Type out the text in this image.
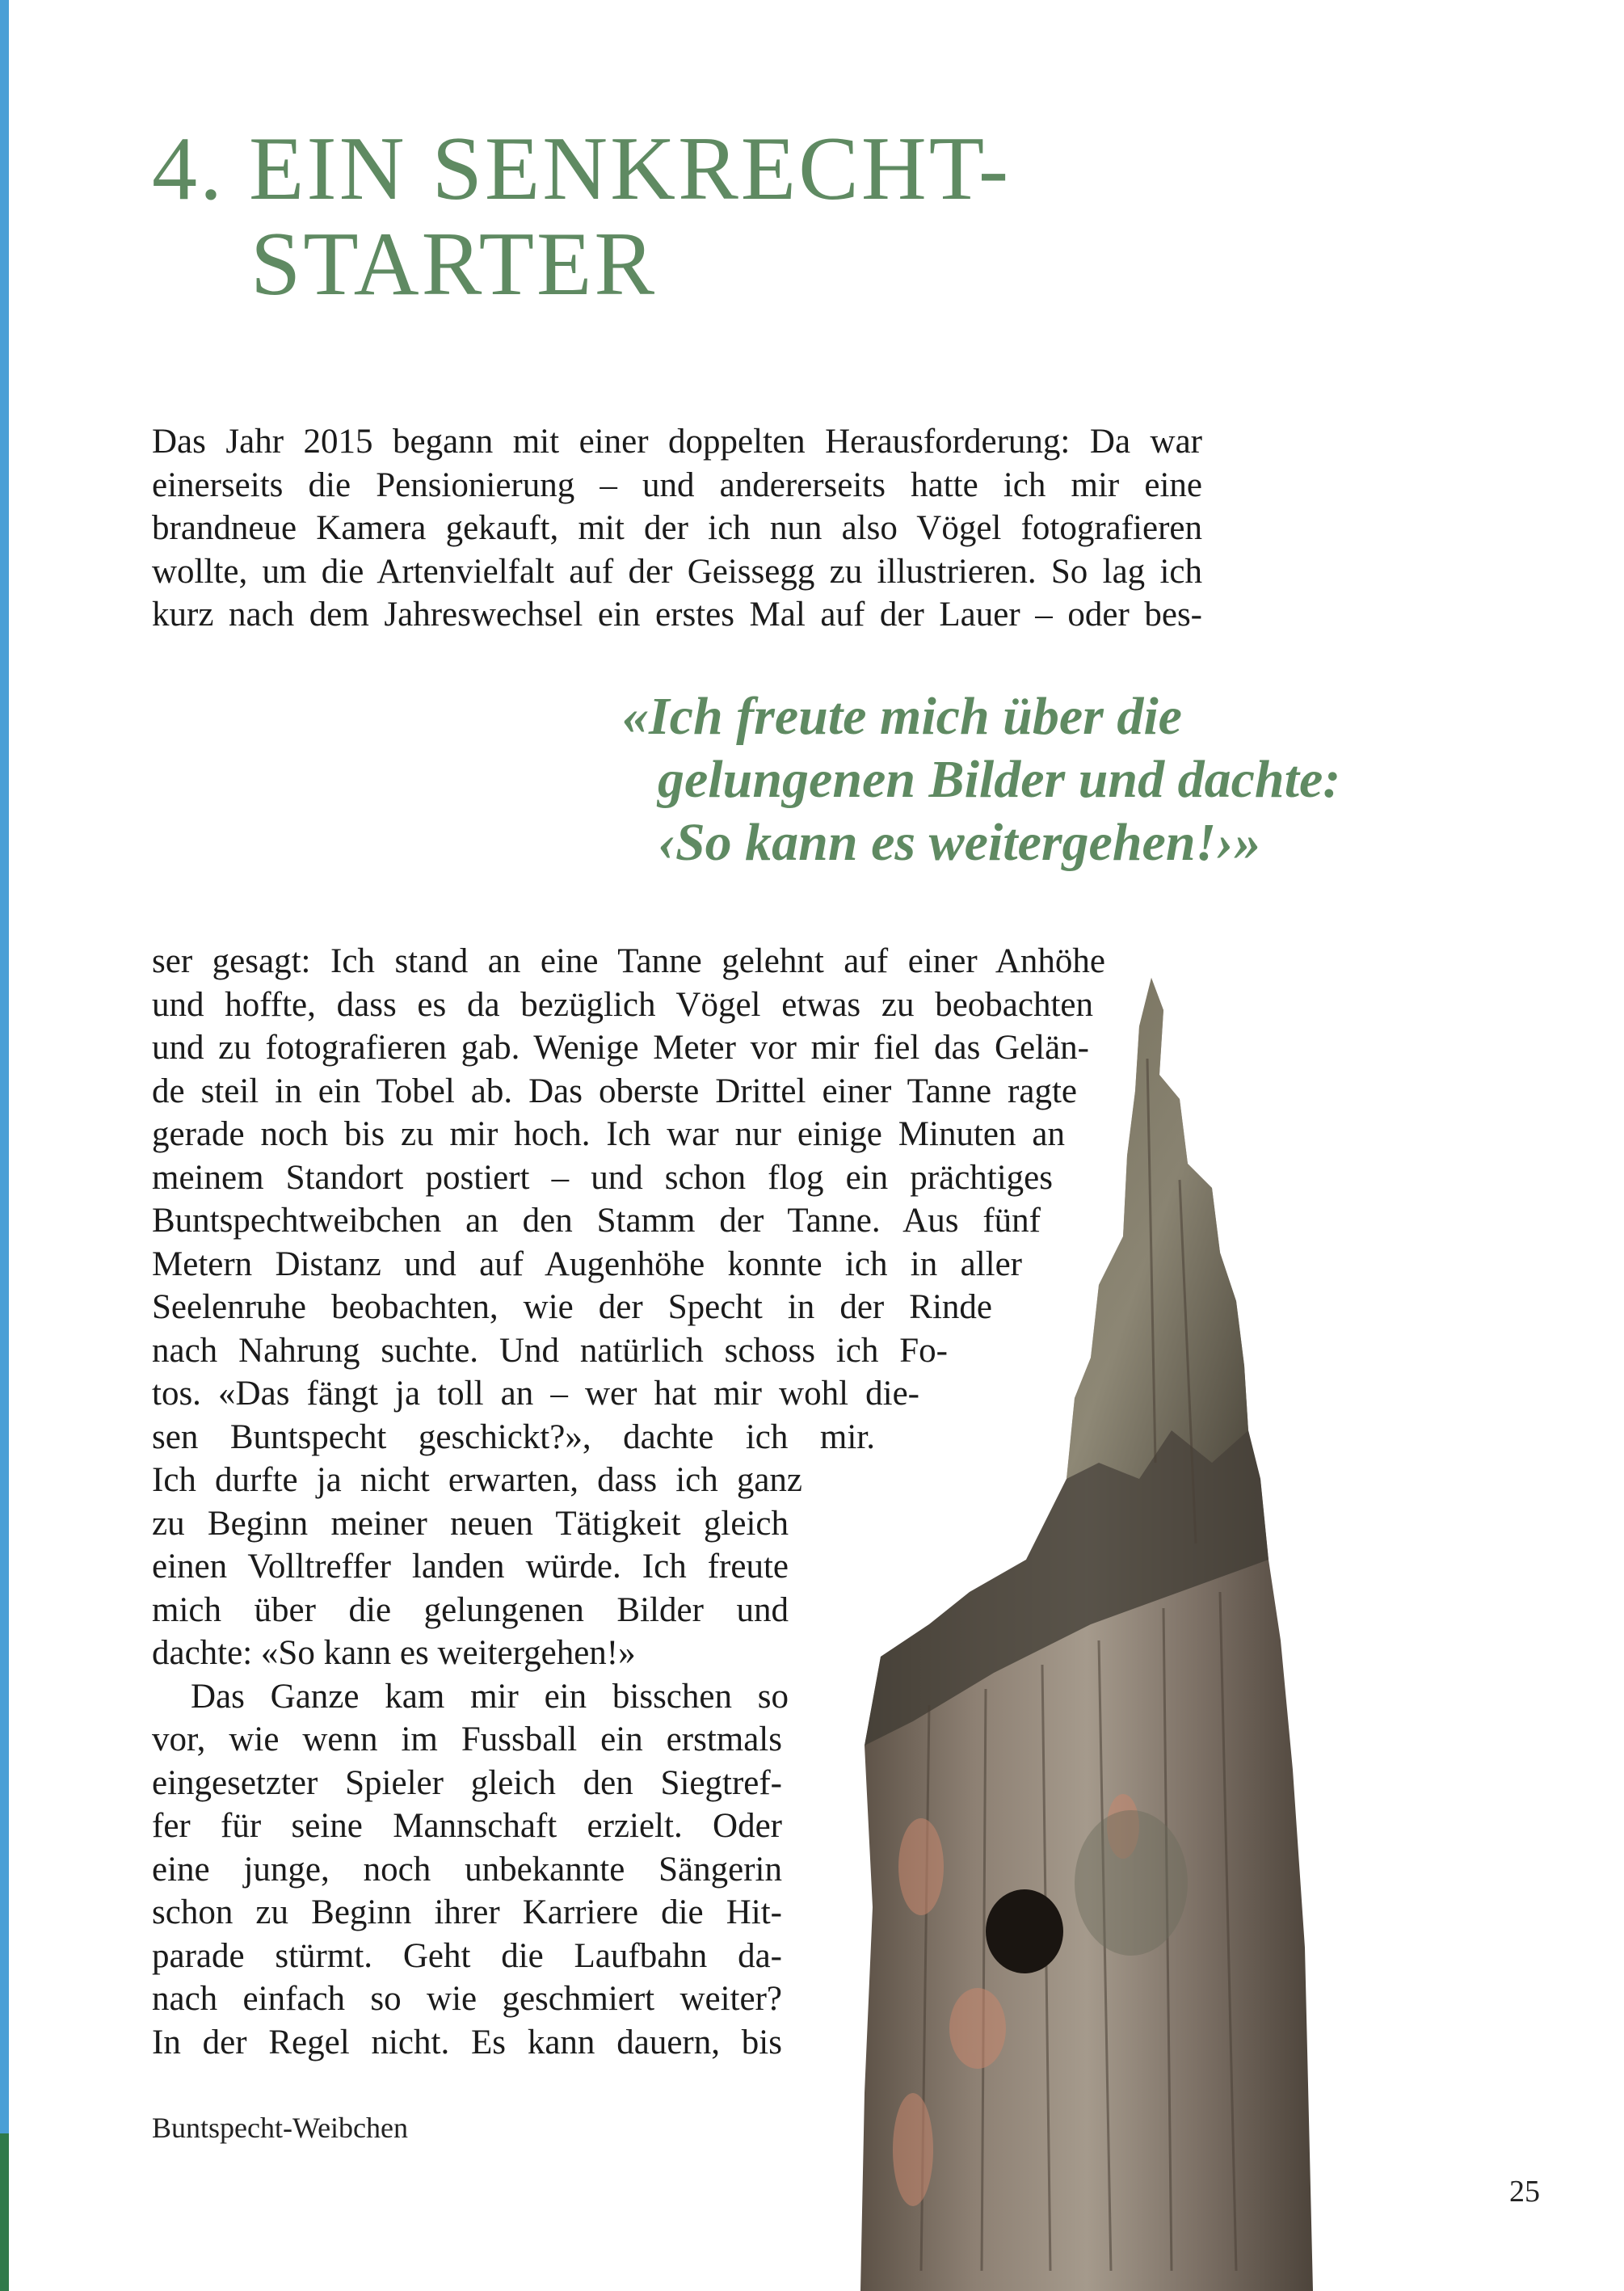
4. EIN SENKRECHT-
STARTER
Das Jahr 2015 begann mit einer doppelten Herausforderung: Da war
einerseits die Pensionierung – und andererseits hatte ich mir eine
brandneue Kamera gekauft, mit der ich nun also Vögel fotografieren
wollte, um die Artenvielfalt auf der Geissegg zu illustrieren. So lag ich
kurz nach dem Jahreswechsel ein erstes Mal auf der Lauer – oder bes-
«Ich freute mich über die
gelungenen Bilder und dachte:
‹So kann es weitergehen!›»
ser gesagt: Ich stand an eine Tanne gelehnt auf einer Anhöhe
und hoffte, dass es da bezüglich Vögel etwas zu beobachten
und zu fotografieren gab. Wenige Meter vor mir fiel das Gelän-
de steil in ein Tobel ab. Das oberste Drittel einer Tanne ragte
gerade noch bis zu mir hoch. Ich war nur einige Minuten an
meinem Standort postiert – und schon flog ein prächtiges
Buntspechtweibchen an den Stamm der Tanne. Aus fünf
Metern Distanz und auf Augenhöhe konnte ich in aller
Seelenruhe beobachten, wie der Specht in der Rinde
nach Nahrung suchte. Und natürlich schoss ich Fo-
tos. «Das fängt ja toll an – wer hat mir wohl die-
sen Buntspecht geschickt?», dachte ich mir.
Ich durfte ja nicht erwarten, dass ich ganz
zu Beginn meiner neuen Tätigkeit gleich
einen Volltreffer landen würde. Ich freute
mich über die gelungenen Bilder und
dachte: «So kann es weitergehen!»
Das Ganze kam mir ein bisschen so
vor, wie wenn im Fussball ein erstmals
eingesetzter Spieler gleich den Siegtref-
fer für seine Mannschaft erzielt. Oder
eine junge, noch unbekannte Sängerin
schon zu Beginn ihrer Karriere die Hit-
parade stürmt. Geht die Laufbahn da-
nach einfach so wie geschmiert weiter?
In der Regel nicht. Es kann dauern, bis

Buntspecht-Weibchen

25
